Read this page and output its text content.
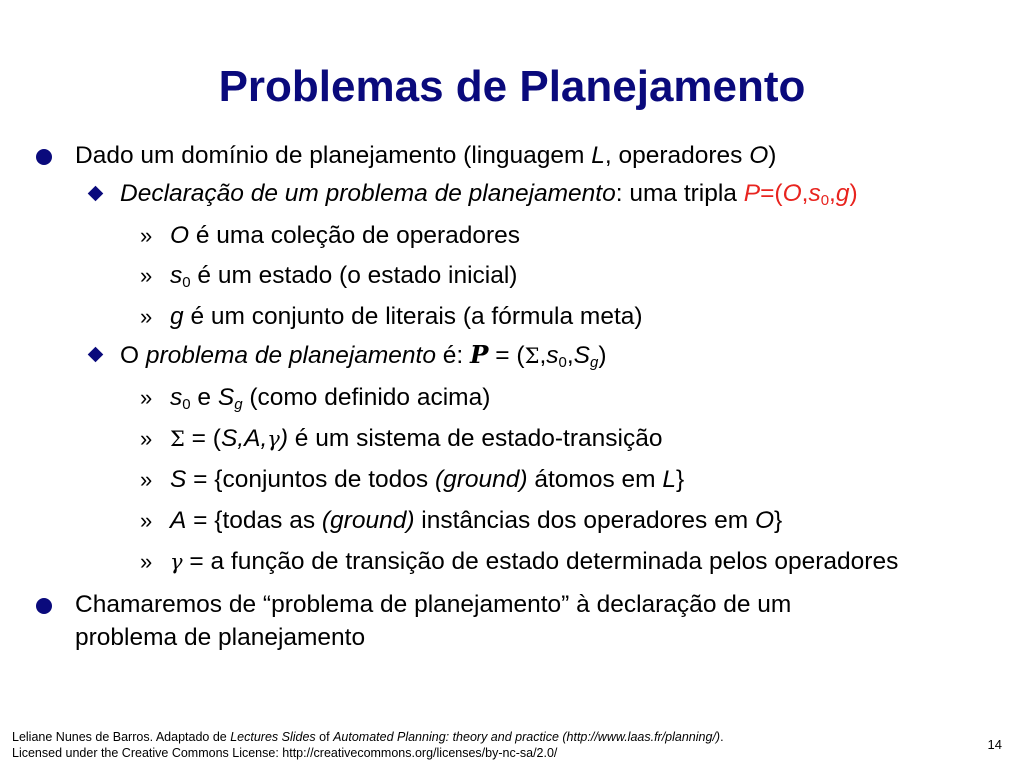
Problemas de Planejamento
Dado um domínio de planejamento (linguagem L, operadores O)
Declaração de um problema de planejamento: uma tripla $P=(O,s_0,g)$
» O é uma coleção de operadores
» $s_0$ é um estado (o estado inicial)
» g é um conjunto de literais (a fórmula meta)
O problema de planejamento é: $P = (\Sigma,s_0,S_g)$
» $s_0$ e $S_g$ (como definido acima)
» Σ = (S,A,γ) é um sistema de estado-transição
» S = {conjuntos de todos (ground) átomos em L}
» A = {todas as (ground) instâncias dos operadores em O}
» γ = a função de transição de estado determinada pelos operadores
Chamaremos de “problema de planejamento” à declaração de um
problema de planejamento
Leliane Nunes de Barros. Adaptado de Lectures Slides of Automated Planning: theory and practice (http://www.laas.fr/planning/).
Licensed under the Creative Commons License: http://creativecommons.org/licenses/by-nc-sa/2.0/
14
